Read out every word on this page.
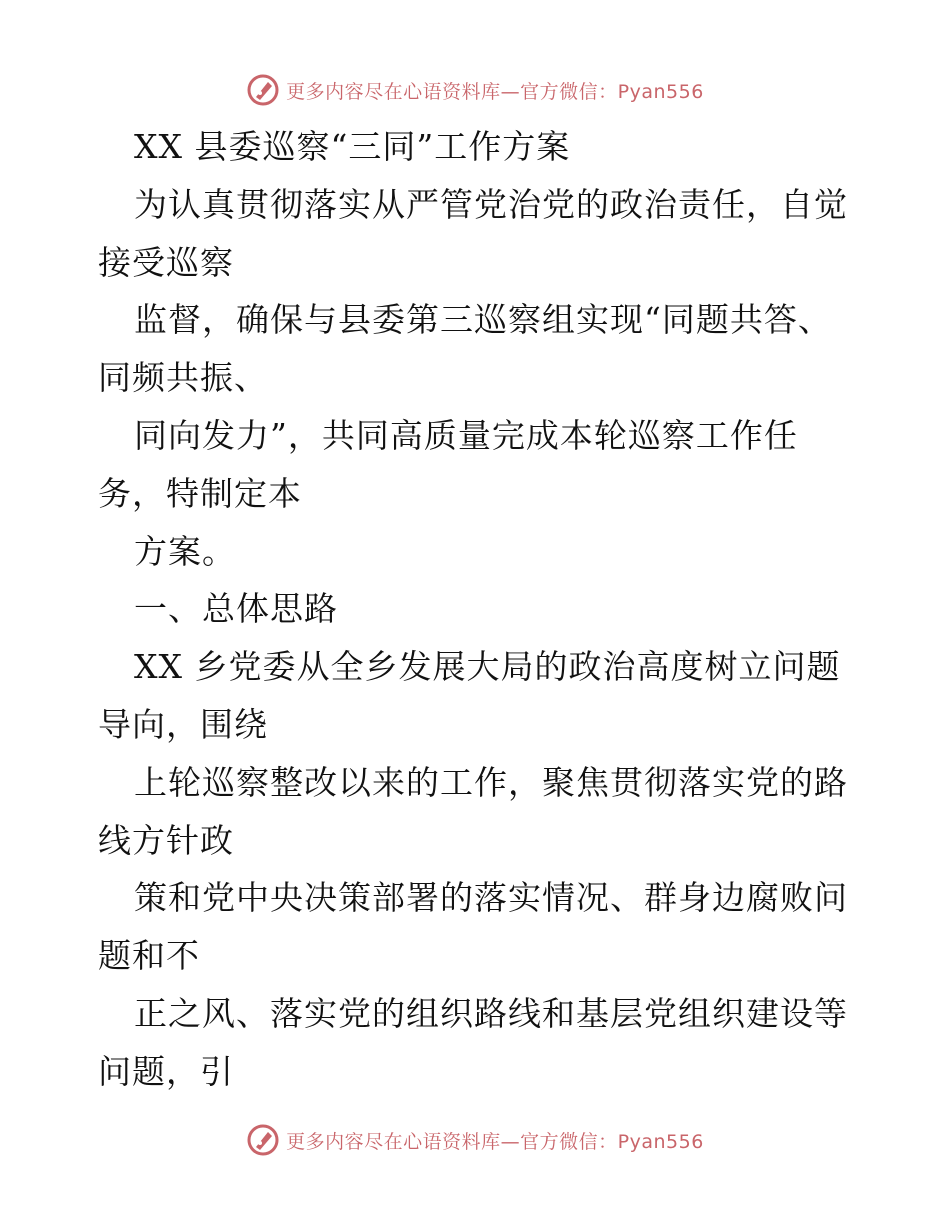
更多内容尽在心语资料库—官方微信：Pyan556
XX 县委巡察“三同”工作方案
为认真贯彻落实从严管党治党的政治责任，自觉
接受巡察
监督，确保与县委第三巡察组实现“同题共答、
同频共振、
同向发力”，共同高质量完成本轮巡察工作任
务，特制定本
方案。
一、总体思路
XX 乡党委从全乡发展大局的政治高度树立问题
导向，围绕
上轮巡察整改以来的工作，聚焦贯彻落实党的路
线方针政
策和党中央决策部署的落实情况、群身边腐败问
题和不
正之风、落实党的组织路线和基层党组织建设等
问题，引
更多内容尽在心语资料库—官方微信：Pyan556
